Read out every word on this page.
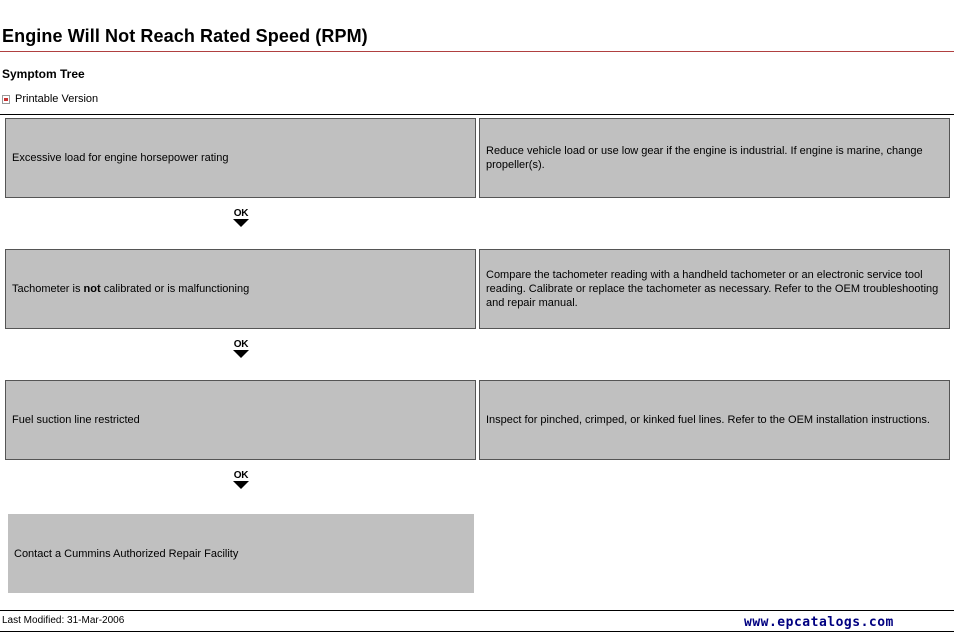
Engine Will Not Reach Rated Speed (RPM)
Symptom Tree
Printable Version
Excessive load for engine horsepower rating
Reduce vehicle load or use low gear if the engine is industrial. If engine is marine, change propeller(s).
OK
Tachometer is not calibrated or is malfunctioning
Compare the tachometer reading with a handheld tachometer or an electronic service tool reading. Calibrate or replace the tachometer as necessary. Refer to the OEM troubleshooting and repair manual.
OK
Fuel suction line restricted	Inspect for pinched, crimped, or kinked fuel lines. Refer to the OEM installation instructions.
OK
Contact a Cummins Authorized Repair Facility
Last Modified: 31-Mar-2006	www.epcatalogs.com
